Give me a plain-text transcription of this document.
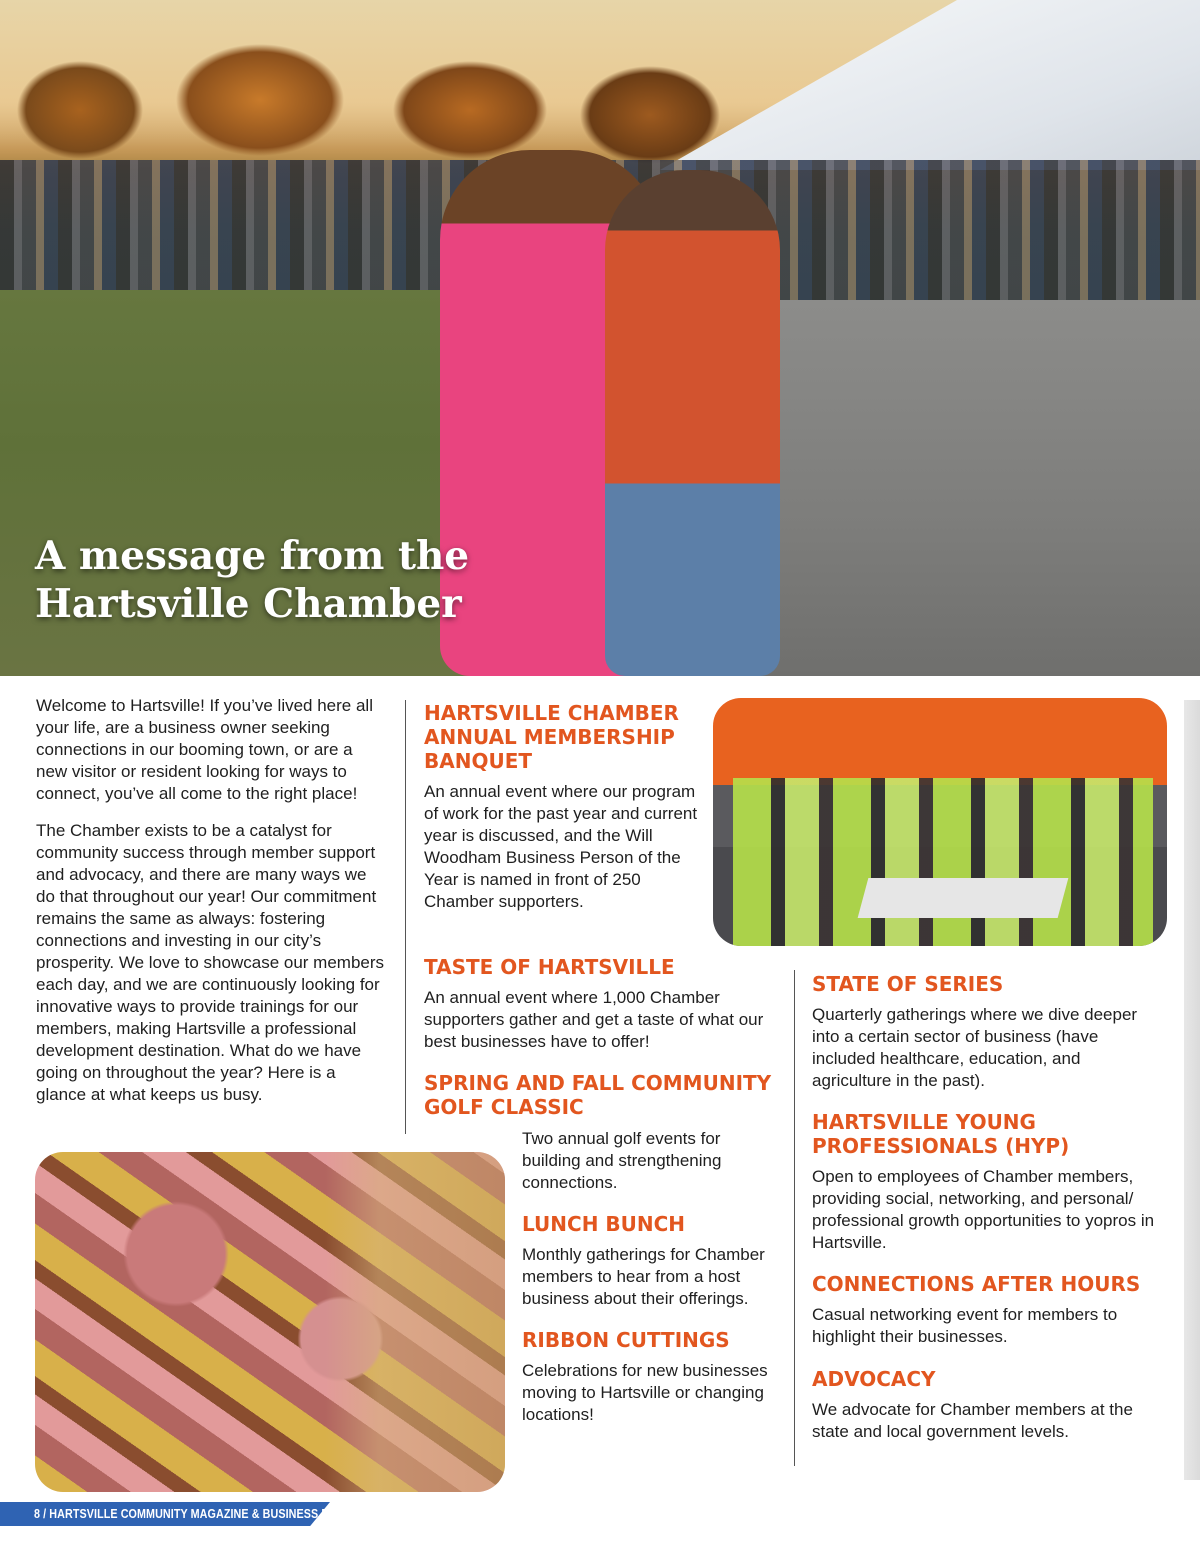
A message from the
Hartsville Chamber

Welcome to Hartsville! If you’ve lived here all your life, are a business owner seeking connections in our booming town, or are a new visitor or resident looking for ways to connect, you’ve all come to the right place!

The Chamber exists to be a catalyst for community success through member support and advocacy, and there are many ways we do that throughout our year! Our commitment remains the same as always: fostering connections and investing in our city’s prosperity. We love to showcase our members each day, and we are continuously looking for innovative ways to provide trainings for our members, making Hartsville a professional development destination. What do we have going on throughout the year? Here is a glance at what keeps us busy.

HARTSVILLE CHAMBER ANNUAL MEMBERSHIP BANQUET

An annual event where our program of work for the past year and current year is discussed, and the Will Woodham Business Person of the Year is named in front of 250 Chamber supporters.

TASTE OF HARTSVILLE

An annual event where 1,000 Chamber supporters gather and get a taste of what our best businesses have to offer!

SPRING AND FALL COMMUNITY GOLF CLASSIC

Two annual golf events for building and strengthening connections.

LUNCH BUNCH

Monthly gatherings for Chamber members to hear from a host business about their offerings.

RIBBON CUTTINGS

Celebrations for new businesses moving to Hartsville or changing locations!

STATE OF SERIES

Quarterly gatherings where we dive deeper into a certain sector of business (have included healthcare, education, and agriculture in the past).

HARTSVILLE YOUNG PROFESSIONALS (HYP)

Open to employees of Chamber members, providing social, networking, and personal/ professional growth opportunities to yopros in Hartsville.

CONNECTIONS AFTER HOURS

Casual networking event for members to highlight their businesses.

ADVOCACY

We advocate for Chamber members at the state and local government levels.

8 / HARTSVILLE COMMUNITY MAGAZINE & BUSINESS DIRECTORY
